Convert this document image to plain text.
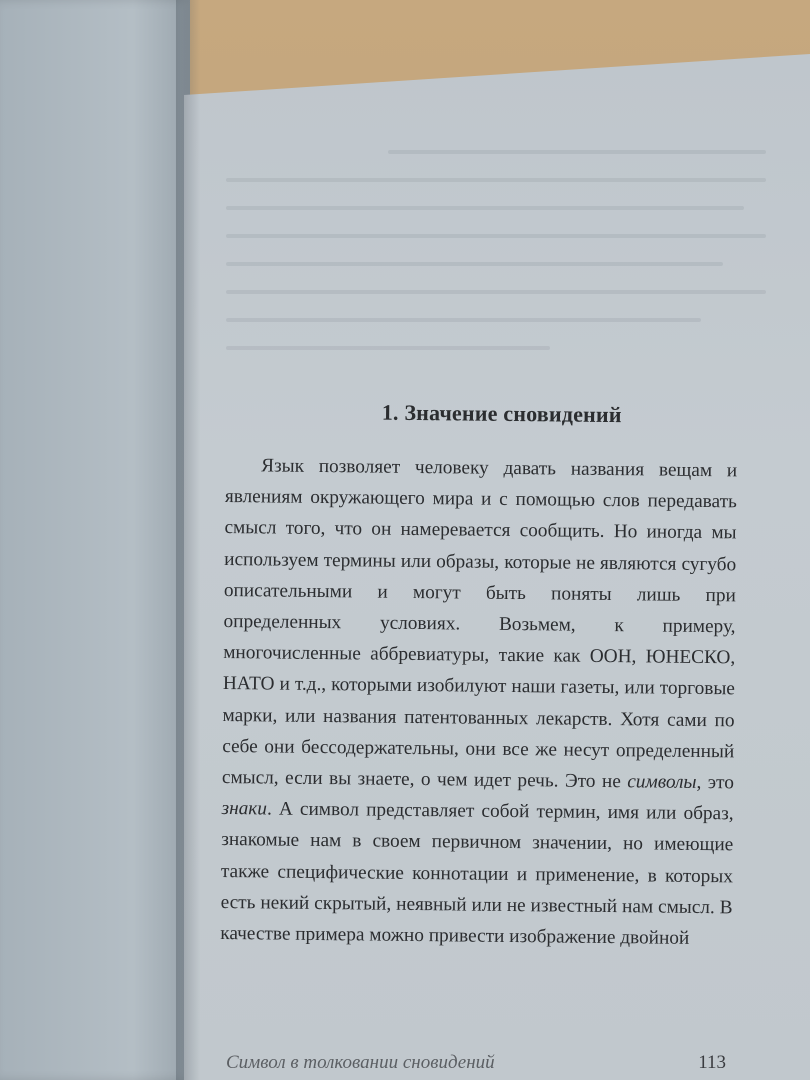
1. Значение сновидений

Язык позволяет человеку давать названия вещам и явлениям окружающего мира и с помощью слов передавать смысл того, что он намеревается сообщить. Но иногда мы используем термины или образы, которые не являются сугубо описательными и могут быть поняты лишь при определенных условиях. Возьмем, к примеру, многочисленные аббревиатуры, такие как ООН, ЮНЕСКО, НАТО и т.д., которыми изобилуют наши газеты, или торговые марки, или названия патентованных лекарств. Хотя сами по себе они бессодержательны, они все же несут определенный смысл, если вы знаете, о чем идет речь. Это не символы, это знаки. А символ представляет собой термин, имя или образ, знакомые нам в своем первичном значении, но имеющие также специфические коннотации и применение, в которых есть некий скрытый, неявный или не известный нам смысл. В качестве примера можно привести изображение двойной

Символ в толковании сновидений	113
